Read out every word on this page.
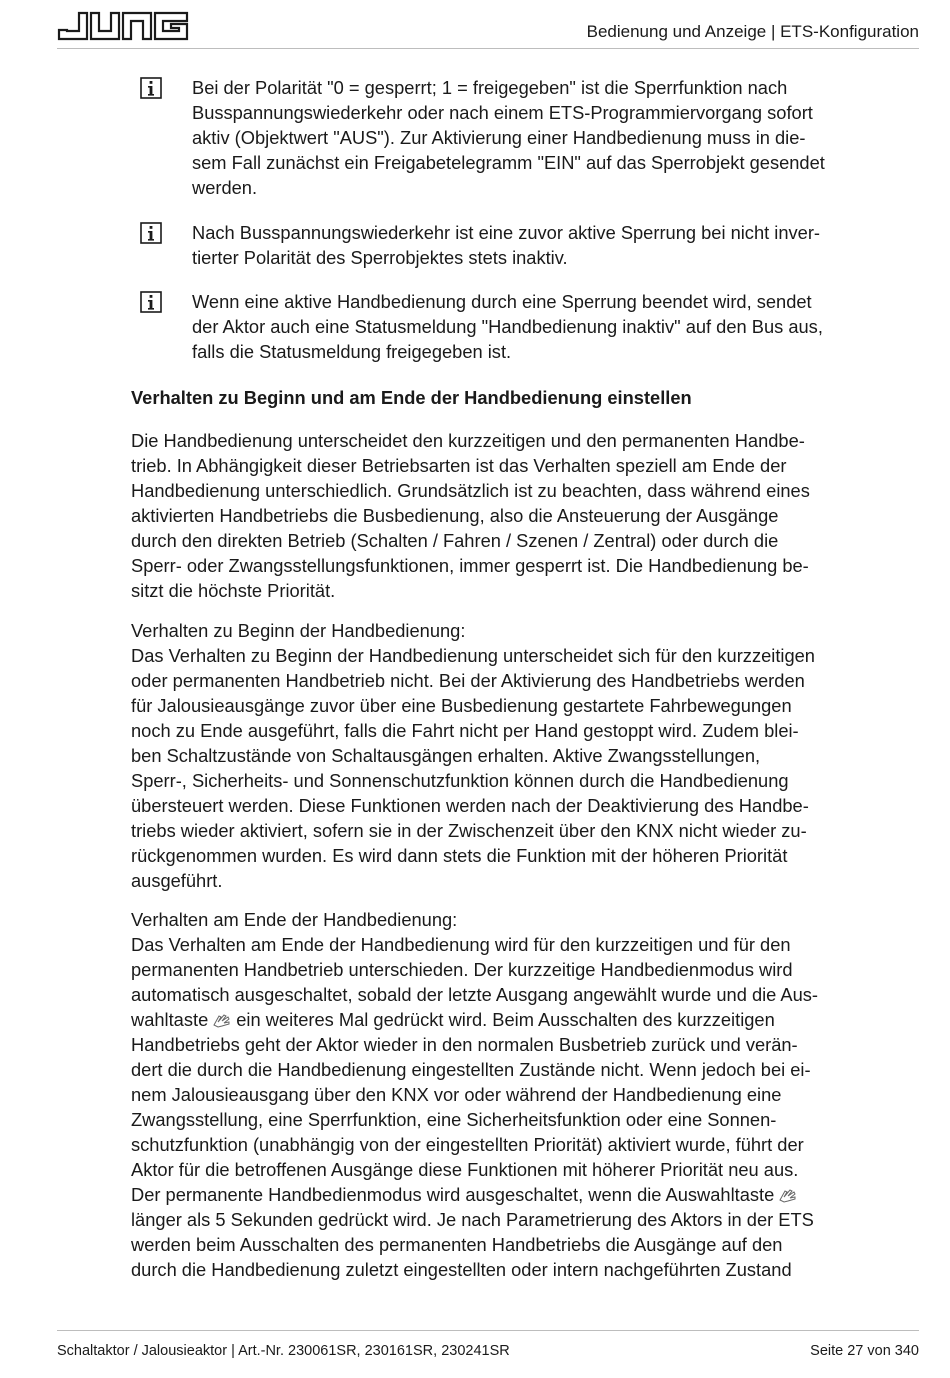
Bedienung und Anzeige | ETS-Konfiguration
Bei der Polarität "0 = gesperrt; 1 = freigegeben" ist die Sperrfunktion nach
Busspannungswiederkehr oder nach einem ETS-Programmiervorgang sofort
aktiv (Objektwert "AUS"). Zur Aktivierung einer Handbedienung muss in die-
sem Fall zunächst ein Freigabetelegramm "EIN" auf das Sperrobjekt gesendet
werden.
Nach Busspannungswiederkehr ist eine zuvor aktive Sperrung bei nicht inver-
tierter Polarität des Sperrobjektes stets inaktiv.
Wenn eine aktive Handbedienung durch eine Sperrung beendet wird, sendet
der Aktor auch eine Statusmeldung "Handbedienung inaktiv" auf den Bus aus,
falls die Statusmeldung freigegeben ist.
Verhalten zu Beginn und am Ende der Handbedienung einstellen
Die Handbedienung unterscheidet den kurzzeitigen und den permanenten Handbe-
trieb. In Abhängigkeit dieser Betriebsarten ist das Verhalten speziell am Ende der
Handbedienung unterschiedlich. Grundsätzlich ist zu beachten, dass während eines
aktivierten Handbetriebs die Busbedienung, also die Ansteuerung der Ausgänge
durch den direkten Betrieb (Schalten / Fahren / Szenen / Zentral) oder durch die
Sperr- oder Zwangsstellungsfunktionen, immer gesperrt ist. Die Handbedienung be-
sitzt die höchste Priorität.
Verhalten zu Beginn der Handbedienung:
Das Verhalten zu Beginn der Handbedienung unterscheidet sich für den kurzzeitigen
oder permanenten Handbetrieb nicht. Bei der Aktivierung des Handbetriebs werden
für Jalousieausgänge zuvor über eine Busbedienung gestartete Fahrbewegungen
noch zu Ende ausgeführt, falls die Fahrt nicht per Hand gestoppt wird. Zudem blei-
ben Schaltzustände von Schaltausgängen erhalten. Aktive Zwangsstellungen,
Sperr-, Sicherheits- und Sonnenschutzfunktion können durch die Handbedienung
übersteuert werden. Diese Funktionen werden nach der Deaktivierung des Handbe-
triebs wieder aktiviert, sofern sie in der Zwischenzeit über den KNX nicht wieder zu-
rückgenommen wurden. Es wird dann stets die Funktion mit der höheren Priorität
ausgeführt.
Verhalten am Ende der Handbedienung:
Das Verhalten am Ende der Handbedienung wird für den kurzzeitigen und für den
permanenten Handbetrieb unterschieden. Der kurzzeitige Handbedienmodus wird
automatisch ausgeschaltet, sobald der letzte Ausgang angewählt wurde und die Aus-
wahltaste ein weiteres Mal gedrückt wird. Beim Ausschalten des kurzzeitigen
Handbetriebs geht der Aktor wieder in den normalen Busbetrieb zurück und verän-
dert die durch die Handbedienung eingestellten Zustände nicht. Wenn jedoch bei ei-
nem Jalousieausgang über den KNX vor oder während der Handbedienung eine
Zwangsstellung, eine Sperrfunktion, eine Sicherheitsfunktion oder eine Sonnen-
schutzfunktion (unabhängig von der eingestellten Priorität) aktiviert wurde, führt der
Aktor für die betroffenen Ausgänge diese Funktionen mit höherer Priorität neu aus.
Der permanente Handbedienmodus wird ausgeschaltet, wenn die Auswahltaste
länger als 5 Sekunden gedrückt wird. Je nach Parametrierung des Aktors in der ETS
werden beim Ausschalten des permanenten Handbetriebs die Ausgänge auf den
durch die Handbedienung zuletzt eingestellten oder intern nachgeführten Zustand
Schaltaktor / Jalousieaktor | Art.-Nr. 230061SR, 230161SR, 230241SR	Seite 27 von 340
